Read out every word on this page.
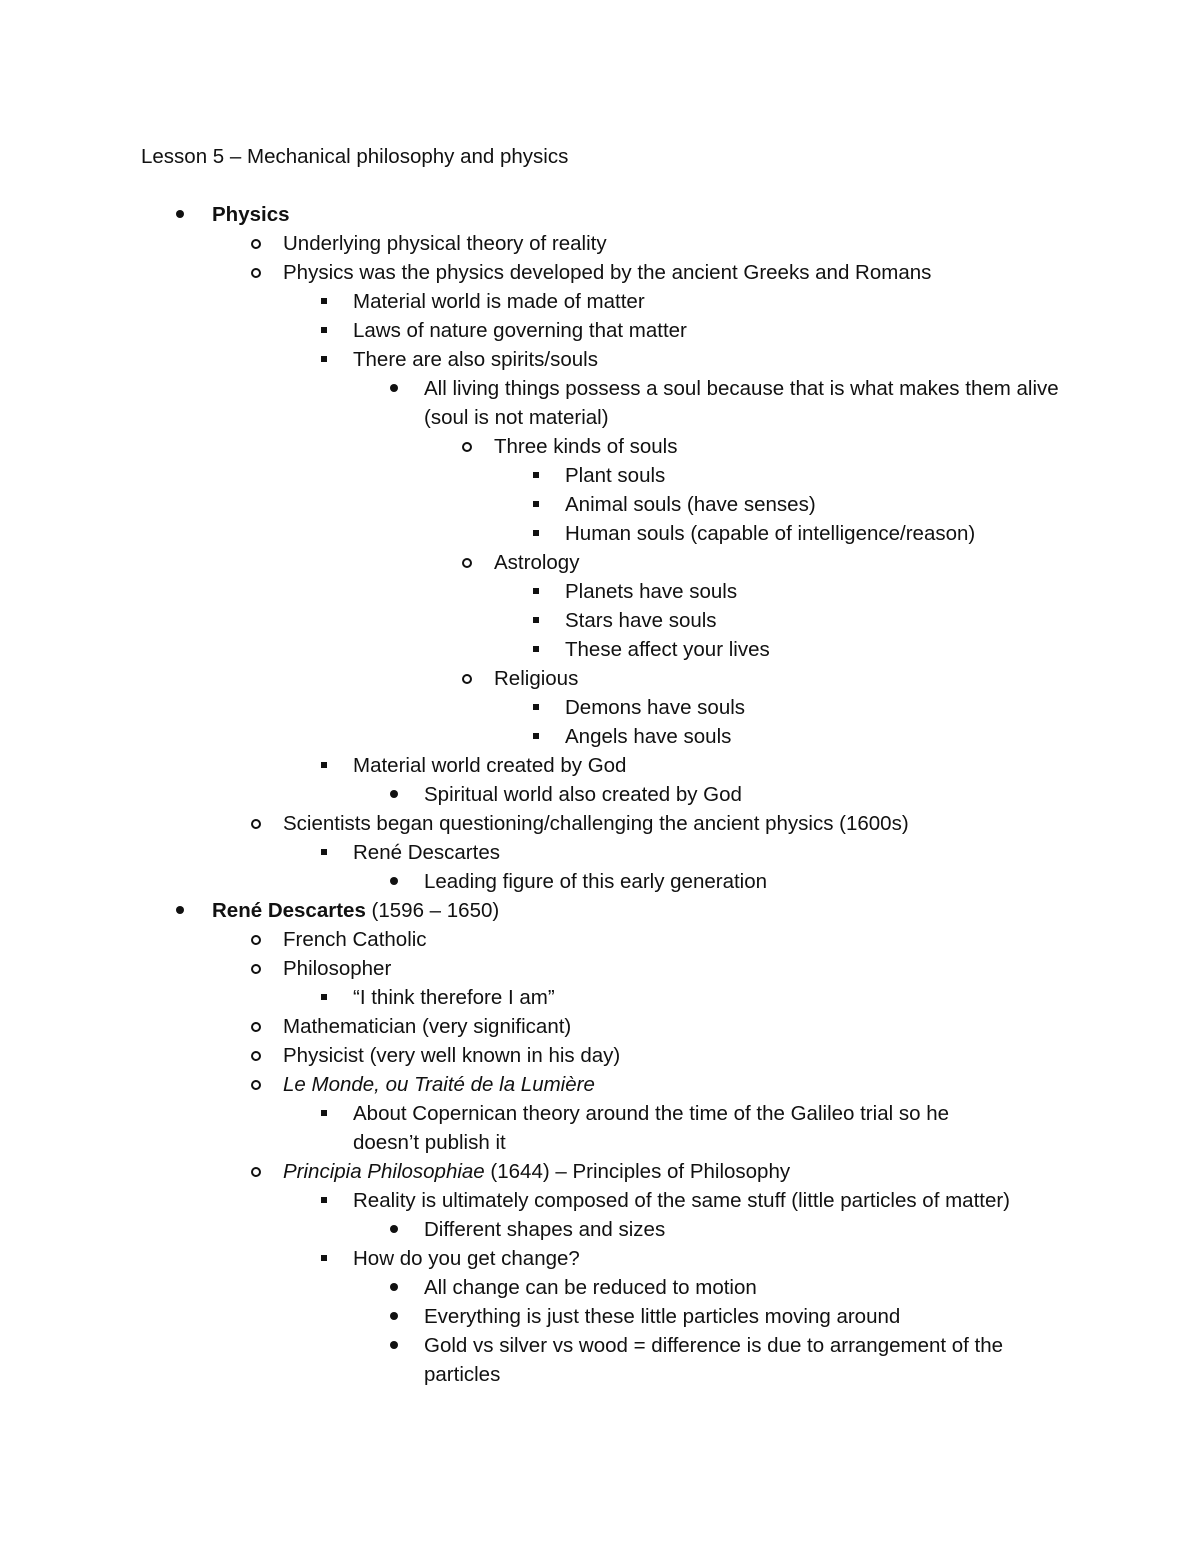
Lesson 5 – Mechanical philosophy and physics
Physics
Underlying physical theory of reality
Physics was the physics developed by the ancient Greeks and Romans
Material world is made of matter
Laws of nature governing that matter
There are also spirits/souls
All living things possess a soul because that is what makes them alive (soul is not material)
Three kinds of souls
Plant souls
Animal souls (have senses)
Human souls (capable of intelligence/reason)
Astrology
Planets have souls
Stars have souls
These affect your lives
Religious
Demons have souls
Angels have souls
Material world created by God
Spiritual world also created by God
Scientists began questioning/challenging the ancient physics (1600s)
René Descartes
Leading figure of this early generation
René Descartes (1596 – 1650)
French Catholic
Philosopher
“I think therefore I am”
Mathematician (very significant)
Physicist (very well known in his day)
Le Monde, ou Traité de la Lumière
About Copernican theory around the time of the Galileo trial so he doesn’t publish it
Principia Philosophiae (1644) – Principles of Philosophy
Reality is ultimately composed of the same stuff (little particles of matter)
Different shapes and sizes
How do you get change?
All change can be reduced to motion
Everything is just these little particles moving around
Gold vs silver vs wood = difference is due to arrangement of the particles
